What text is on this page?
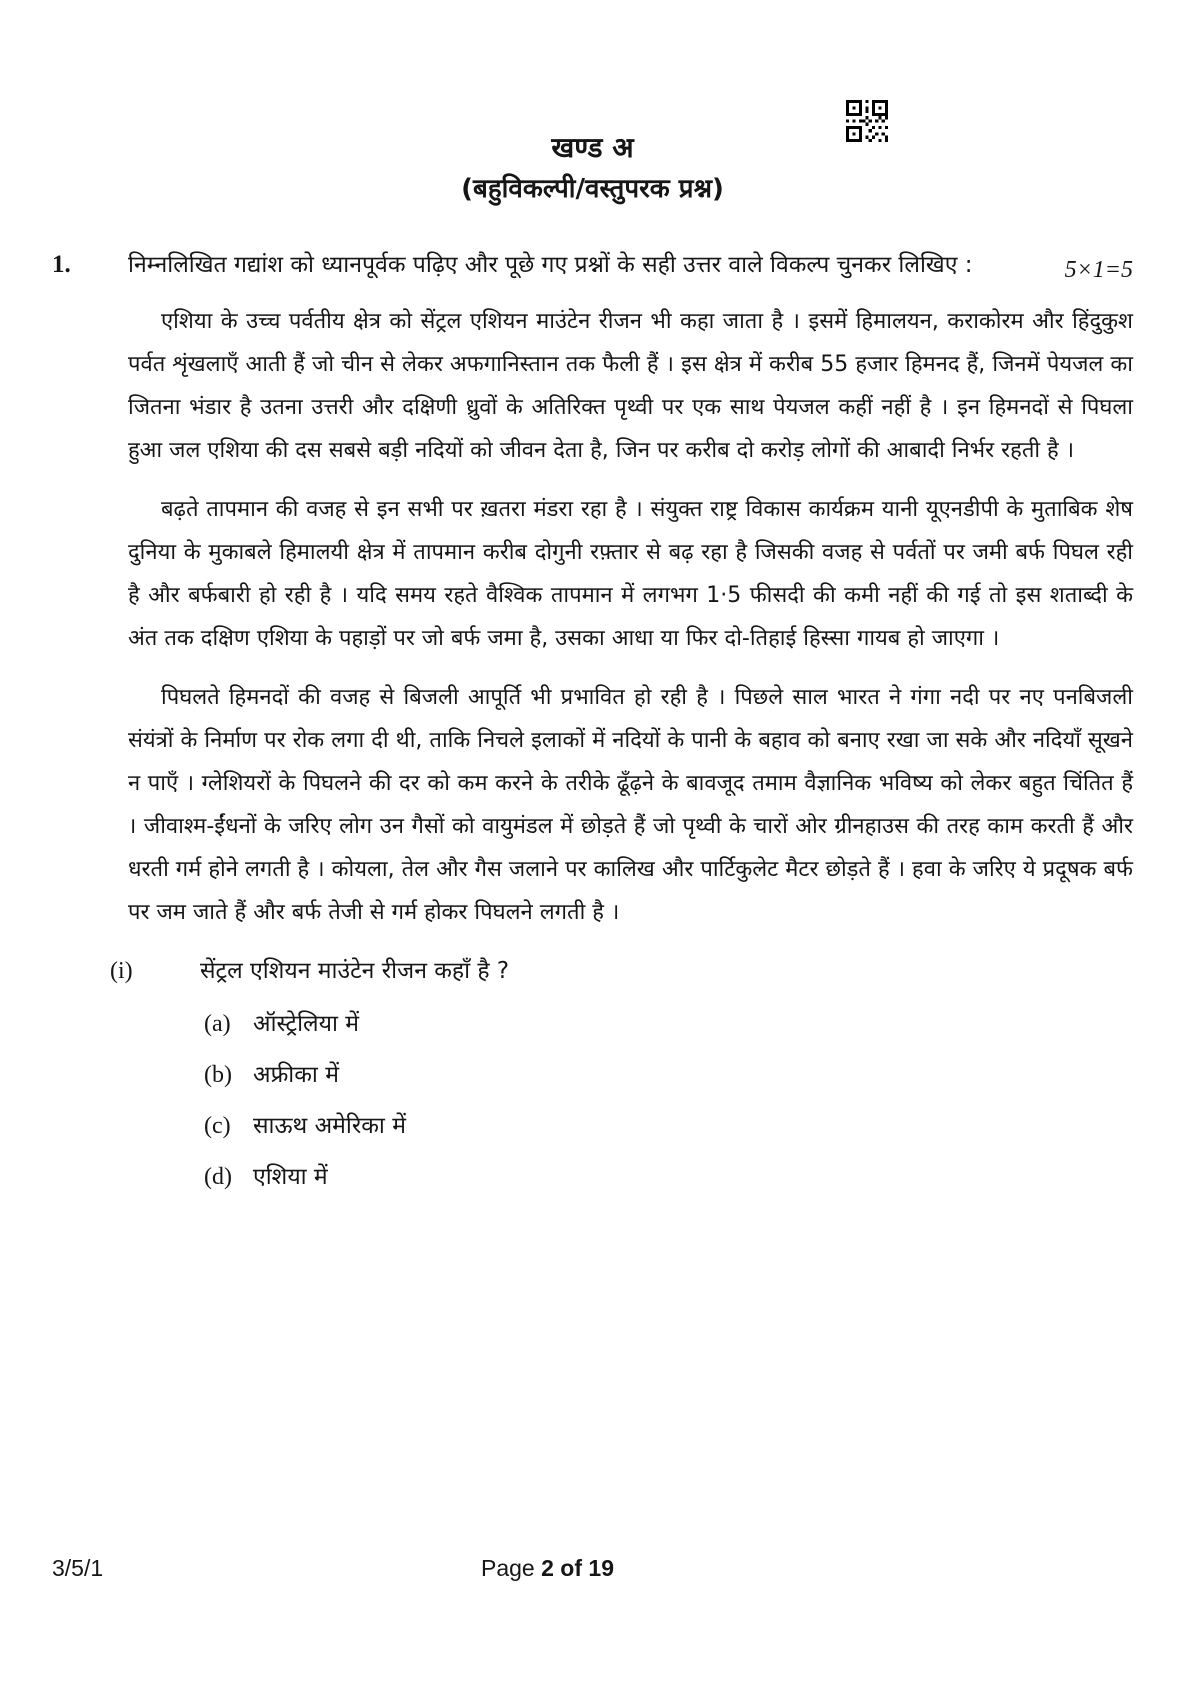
खण्ड अ
(बहुविकल्पी/वस्तुपरक प्रश्न)
1.	निम्नलिखित गद्यांश को ध्यानपूर्वक पढ़िए और पूछे गए प्रश्नों के सही उत्तर वाले विकल्प चुनकर लिखिए :	5×1=5

एशिया के उच्च पर्वतीय क्षेत्र को सेंट्रल एशियन माउंटेन रीजन भी कहा जाता है । इसमें हिमालयन, कराकोरम और हिंदुकुश पर्वत शृंखलाएँ आती हैं जो चीन से लेकर अफगानिस्तान तक फैली हैं । इस क्षेत्र में करीब 55 हजार हिमनद हैं, जिनमें पेयजल का जितना भंडार है उतना उत्तरी और दक्षिणी ध्रुवों के अतिरिक्त पृथ्वी पर एक साथ पेयजल कहीं नहीं है । इन हिमनदों से पिघला हुआ जल एशिया की दस सबसे बड़ी नदियों को जीवन देता है, जिन पर करीब दो करोड़ लोगों की आबादी निर्भर रहती है ।

बढ़ते तापमान की वजह से इन सभी पर ख़तरा मंडरा रहा है । संयुक्त राष्ट्र विकास कार्यक्रम यानी यूएनडीपी के मुताबिक शेष दुनिया के मुकाबले हिमालयी क्षेत्र में तापमान करीब दोगुनी रफ़्तार से बढ़ रहा है जिसकी वजह से पर्वतों पर जमी बर्फ पिघल रही है और बर्फबारी हो रही है । यदि समय रहते वैश्विक तापमान में लगभग 1·5 फीसदी की कमी नहीं की गई तो इस शताब्दी के अंत तक दक्षिण एशिया के पहाड़ों पर जो बर्फ जमा है, उसका आधा या फिर दो-तिहाई हिस्सा गायब हो जाएगा ।

पिघलते हिमनदों की वजह से बिजली आपूर्ति भी प्रभावित हो रही है । पिछले साल भारत ने गंगा नदी पर नए पनबिजली संयंत्रों के निर्माण पर रोक लगा दी थी, ताकि निचले इलाकों में नदियों के पानी के बहाव को बनाए रखा जा सके और नदियाँ सूखने न पाएँ । ग्लेशियरों के पिघलने की दर को कम करने के तरीके ढूँढ़ने के बावजूद तमाम वैज्ञानिक भविष्य को लेकर बहुत चिंतित हैं । जीवाश्म-ईंधनों के जरिए लोग उन गैसों को वायुमंडल में छोड़ते हैं जो पृथ्वी के चारों ओर ग्रीनहाउस की तरह काम करती हैं और धरती गर्म होने लगती है । कोयला, तेल और गैस जलाने पर कालिख और पार्टिकुलेट मैटर छोड़ते हैं । हवा के जरिए ये प्रदूषक बर्फ पर जम जाते हैं और बर्फ तेजी से गर्म होकर पिघलने लगती है ।

(i)	सेंट्रल एशियन माउंटेन रीजन कहाँ है ?
(a) ऑस्ट्रेलिया में
(b) अफ्रीका में
(c) साऊथ अमेरिका में
(d) एशिया में
3/5/1	Page 2 of 19
